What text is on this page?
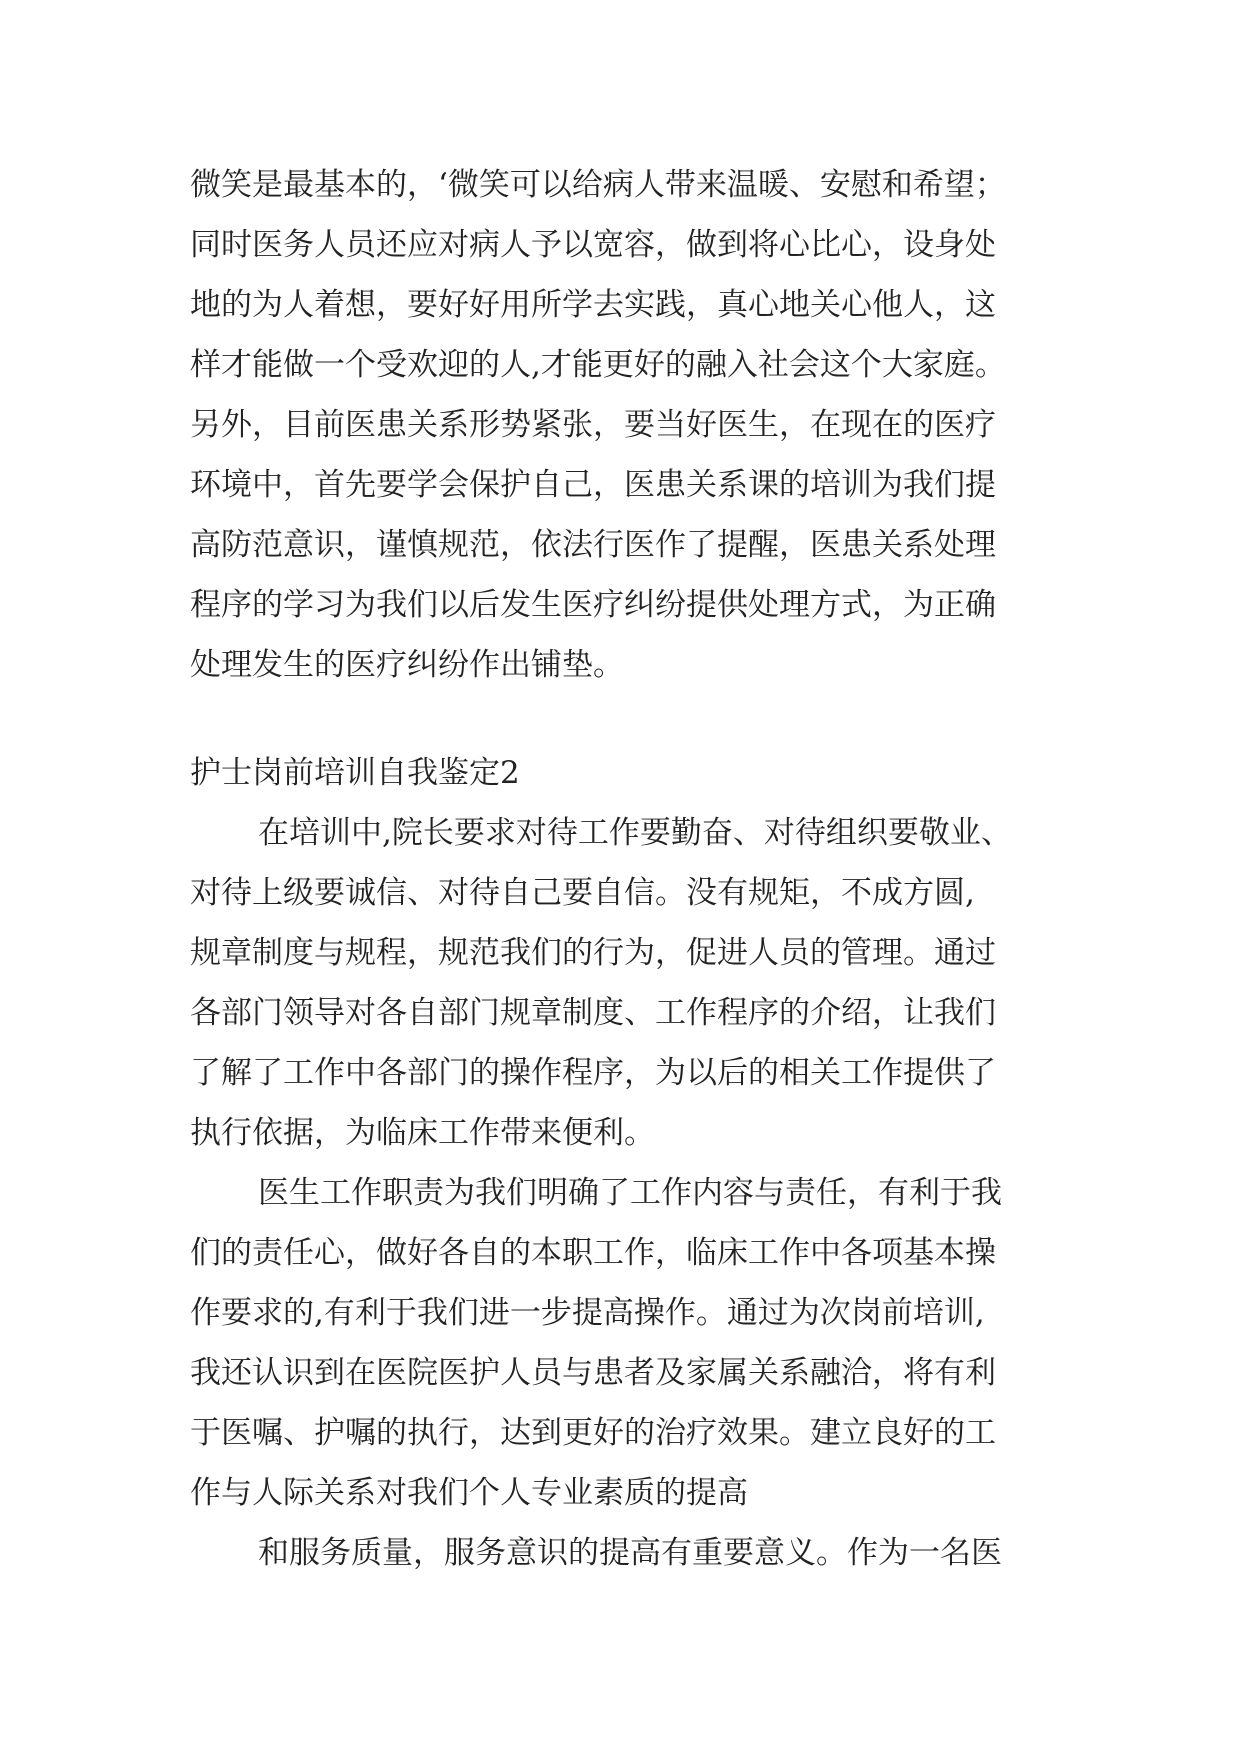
微笑是最基本的，‘微笑可以给病人带来温暖、安慰和希望；
同时医务人员还应对病人予以宽容，做到将心比心，设身处
地的为人着想，要好好用所学去实践，真心地关心他人，这
样才能做一个受欢迎的人,才能更好的融入社会这个大家庭。
另外，目前医患关系形势紧张，要当好医生，在现在的医疗
环境中，首先要学会保护自己，医患关系课的培训为我们提
高防范意识，谨慎规范，依法行医作了提醒，医患关系处理
程序的学习为我们以后发生医疗纠纷提供处理方式，为正确
处理发生的医疗纠纷作出铺垫。
护士岗前培训自我鉴定2
在培训中,院长要求对待工作要勤奋、对待组织要敬业、
对待上级要诚信、对待自己要自信。没有规矩，不成方圆,
规章制度与规程，规范我们的行为，促进人员的管理。通过
各部门领导对各自部门规章制度、工作程序的介绍，让我们
了解了工作中各部门的操作程序，为以后的相关工作提供了
执行依据，为临床工作带来便利。
医生工作职责为我们明确了工作内容与责任，有利于我
们的责任心，做好各自的本职工作，临床工作中各项基本操
作要求的,有利于我们进一步提高操作。通过为次岗前培训,
我还认识到在医院医护人员与患者及家属关系融洽，将有利
于医嘱、护嘱的执行，达到更好的治疗效果。建立良好的工
作与人际关系对我们个人专业素质的提高
和服务质量，服务意识的提高有重要意义。作为一名医
